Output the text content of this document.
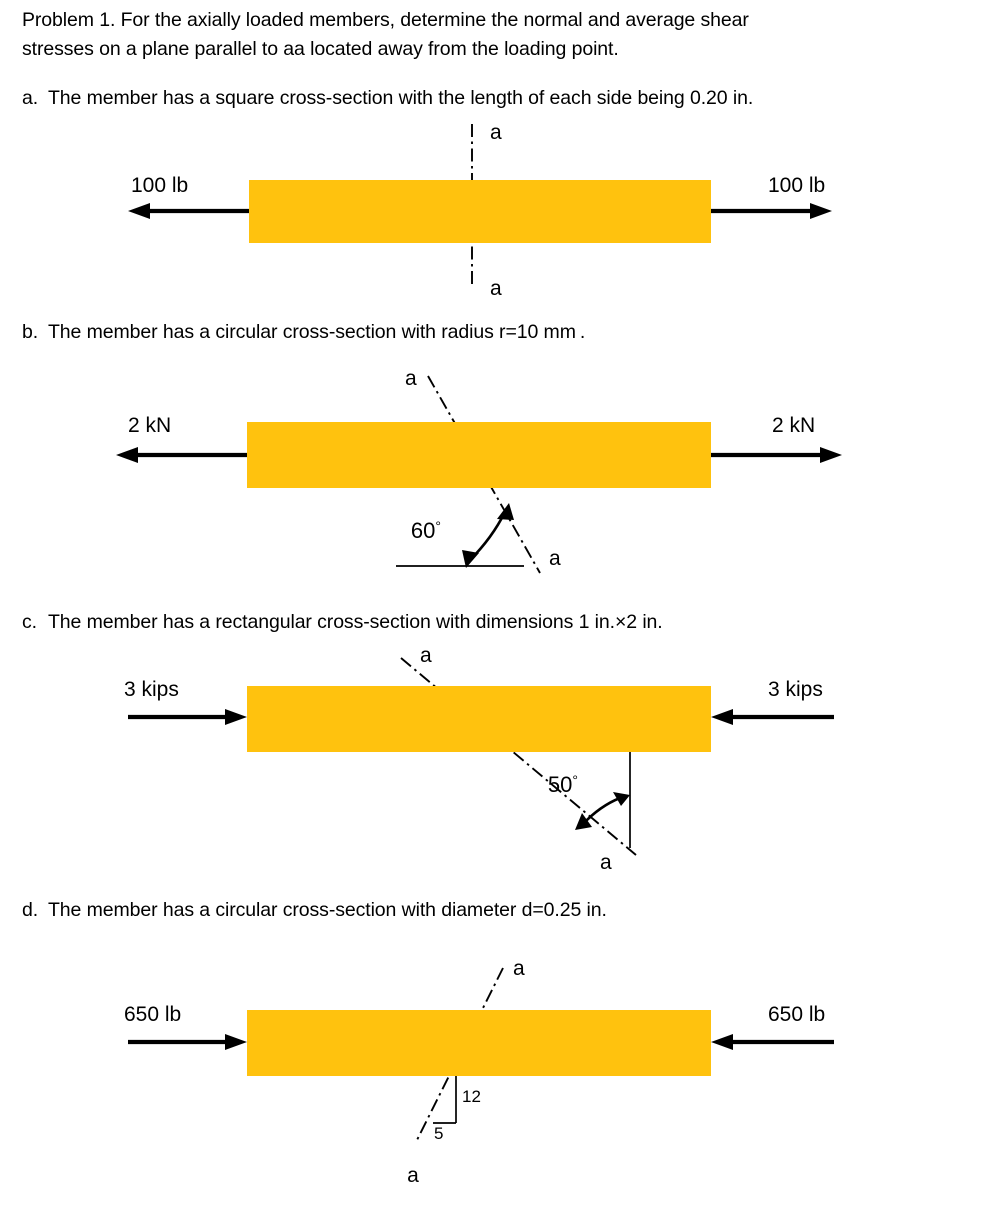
Problem 1. For the axially loaded members, determine the normal and average shear
stresses on a plane parallel to aa located away from the loading point.
a. The member has a square cross-section with the length of each side being 0.20 in.
100 lb	100 lb
a
a
b. The member has a circular cross-section with radius r=10 mm .
2 kN	2 kN
a
a
60°
c. The member has a rectangular cross-section with dimensions 1 in.×2 in.
3 kips	3 kips
a
a
50°
d. The member has a circular cross-section with diameter d=0.25 in.
650 lb	650 lb
a
a
12
5
